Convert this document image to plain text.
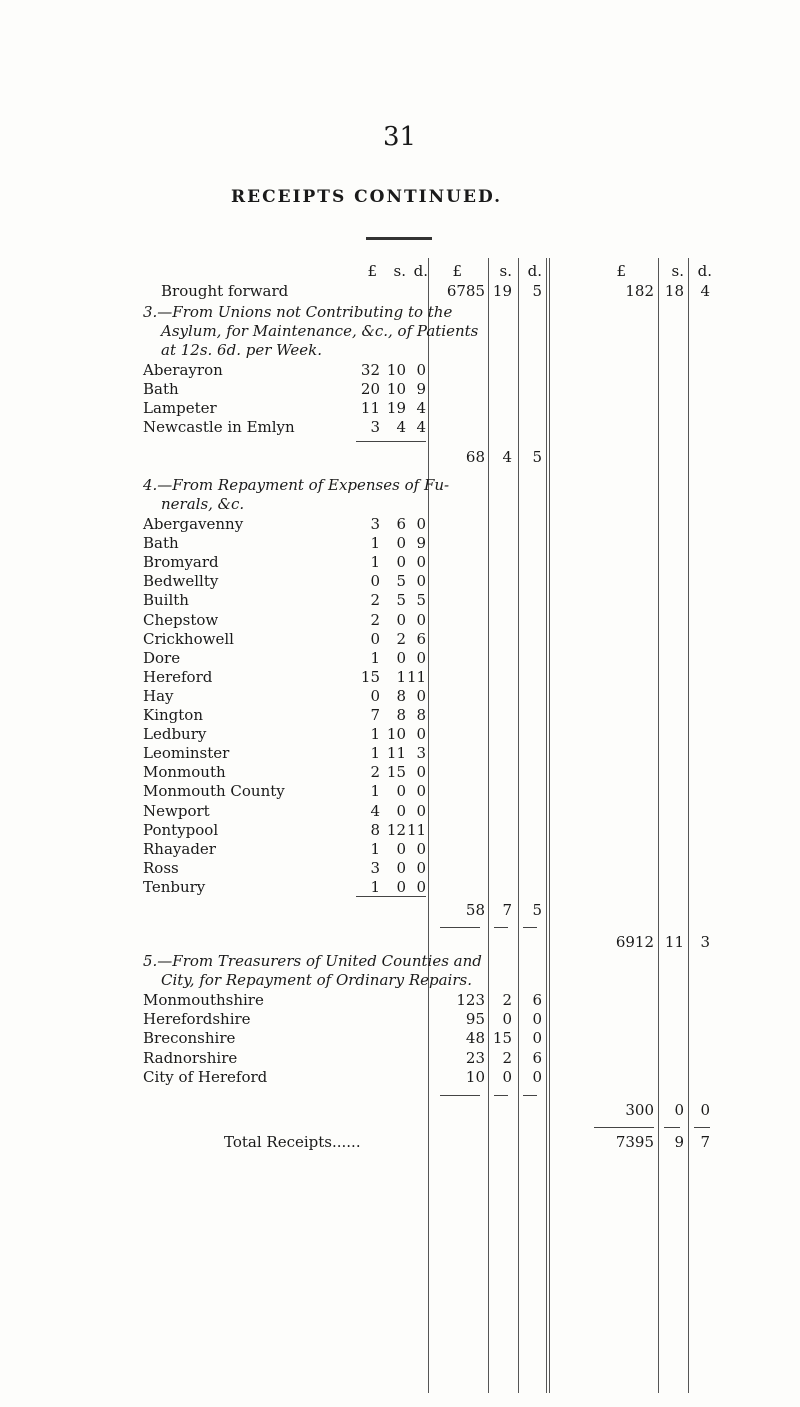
31
RECEIPTS CONTINUED.
£	s. d.	£	s.	d.	£	s. d.
Brought forward	6785 19	5	182 18	4
3.—From Unions not Contributing to the
Asylum, for Maintenance, &c., of Patients
at 12s. 6d. per Week.
Aberayron	32 10 0
Bath	20 10 9
Lampeter	11 19 4
Newcastle in Emlyn	3	4 4
68	4	5
4.—From Repayment of Expenses of Fu-
nerals, &c.
Abergavenny	3	6 0
Bath	1	0 9
Bromyard	1	0 0
Bedwellty	0	5 0
Builth	2	5 5
Chepstow	2	0 0
Crickhowell	0	2 6
Dore	1	0 0
Hereford	15	1 11
Hay	0	8 0
Kington	7	8 8
Ledbury	1 10 0
Leominster	1 11 3
Monmouth	2 15 0
Monmouth County	1	0 0
Newport	4	0 0
Pontypool	8 12 11
Rhayader	1	0 0
Ross	3	0 0
Tenbury	1	0 0
58	7	5
6912 11	3
5.—From Treasurers of United Counties and
City, for Repayment of Ordinary Repairs.
Monmouthshire	123	2	6
Herefordshire	95	0	0
Breconshire	48 15	0
Radnorshire	23	2	6
City of Hereford	10	0	0
300	0	0
Total Receipts......	7395	9	7
